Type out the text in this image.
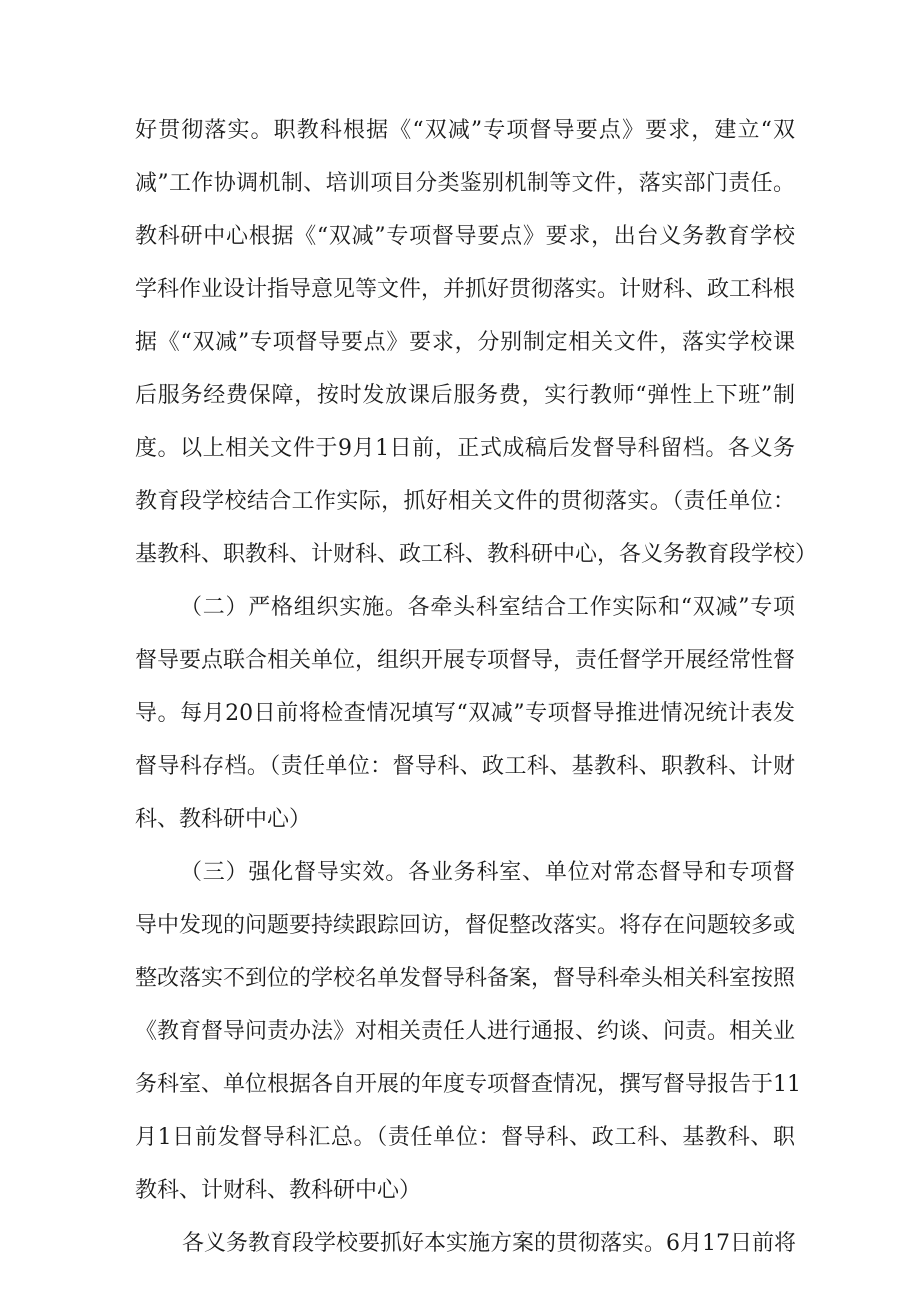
好贯彻落实。职教科根据《“双减”专项督导要点》要求，建立“双

减”工作协调机制、培训项目分类鉴别机制等文件，落实部门责任。

教科研中心根据《“双减”专项督导要点》要求，出台义务教育学校

学科作业设计指导意见等文件，并抓好贯彻落实。计财科、政工科根

据《“双减”专项督导要点》要求，分别制定相关文件，落实学校课

后服务经费保障，按时发放课后服务费，实行教师“弹性上下班”制

度。以上相关文件于9月1日前，正式成稿后发督导科留档。各义务

教育段学校结合工作实际，抓好相关文件的贯彻落实。（责任单位：

基教科、职教科、计财科、政工科、教科研中心，各义务教育段学校）

（二）严格组织实施。各牵头科室结合工作实际和“双减”专项

督导要点联合相关单位，组织开展专项督导，责任督学开展经常性督

导。每月20日前将检查情况填写“双减”专项督导推进情况统计表发

督导科存档。（责任单位：督导科、政工科、基教科、职教科、计财

科、教科研中心）

（三）强化督导实效。各业务科室、单位对常态督导和专项督

导中发现的问题要持续跟踪回访，督促整改落实。将存在问题较多或

整改落实不到位的学校名单发督导科备案，督导科牵头相关科室按照

《教育督导问责办法》对相关责任人进行通报、约谈、问责。相关业

务科室、单位根据各自开展的年度专项督查情况，撰写督导报告于11

月1日前发督导科汇总。（责任单位：督导科、政工科、基教科、职

教科、计财科、教科研中心）

各义务教育段学校要抓好本实施方案的贯彻落实。6月17日前将
